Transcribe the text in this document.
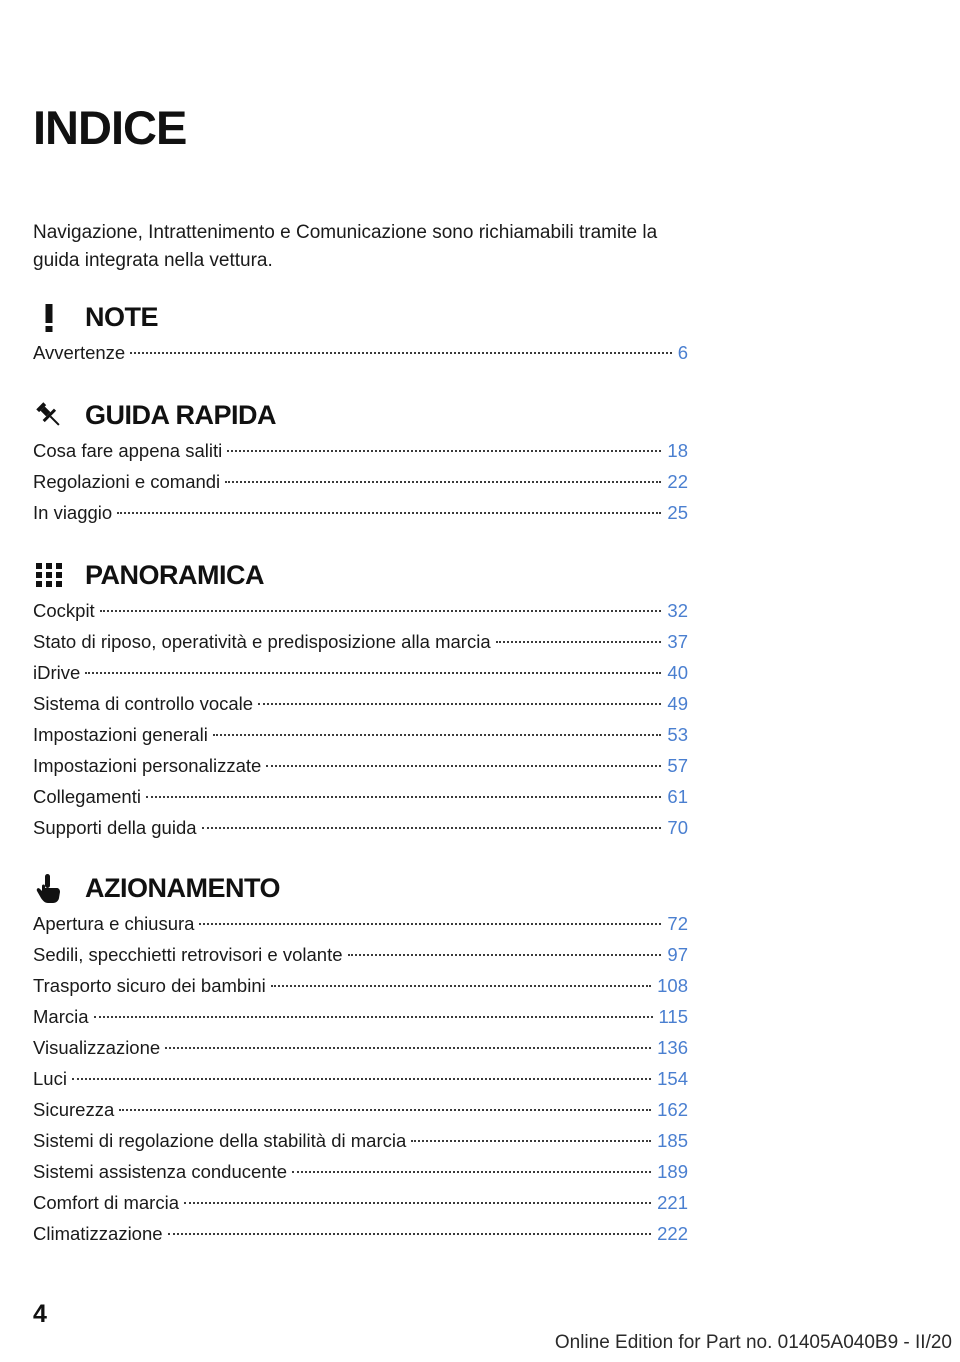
INDICE

Navigazione, Intrattenimento e Comunicazione sono richiamabili tramite la guida integrata nella vettura.

NOTE
Avvertenze	6
GUIDA RAPIDA
Cosa fare appena saliti	18
Regolazioni e comandi	22
In viaggio	25
PANORAMICA
Cockpit	32
Stato di riposo, operatività e predisposizione alla marcia	37
iDrive	40
Sistema di controllo vocale	49
Impostazioni generali	53
Impostazioni personalizzate	57
Collegamenti	61
Supporti della guida	70
AZIONAMENTO
Apertura e chiusura	72
Sedili, specchietti retrovisori e volante	97
Trasporto sicuro dei bambini	108
Marcia	115
Visualizzazione	136
Luci	154
Sicurezza	162
Sistemi di regolazione della stabilità di marcia	185
Sistemi assistenza conducente	189
Comfort di marcia	221
Climatizzazione	222
4
Online Edition for Part no. 01405A040B9 - II/20
